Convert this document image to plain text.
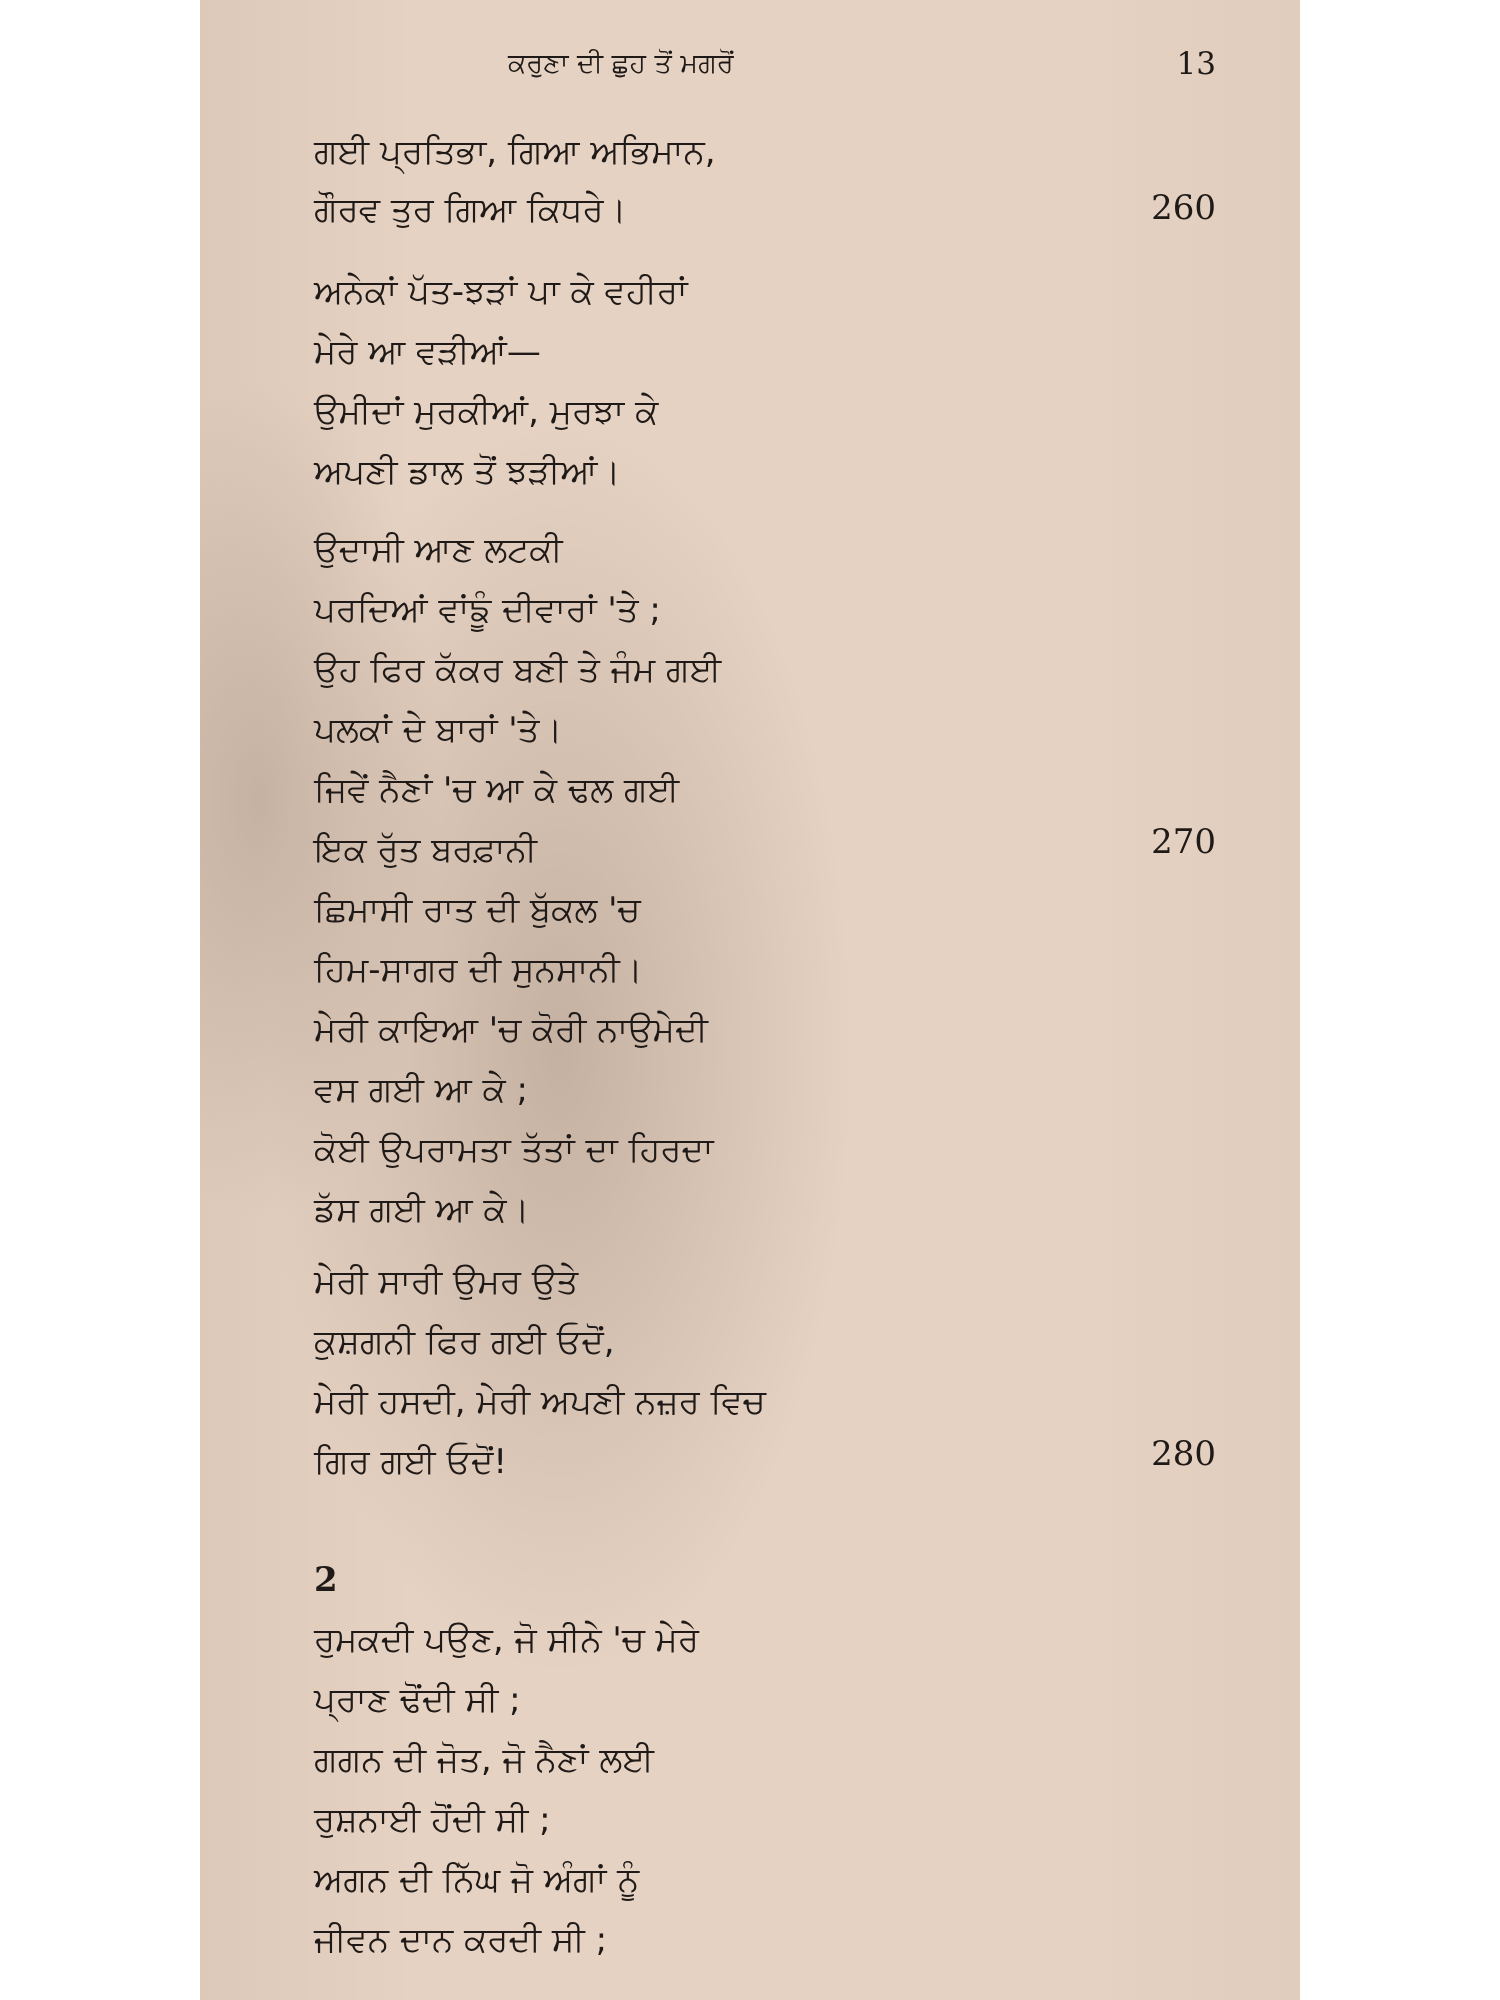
ਕਰੁਣਾ ਦੀ ਛੁਹ ਤੋਂ ਮਗਰੋਂ	13
ਗਈ ਪ੍ਰਤਿਭਾ, ਗਿਆ ਅਭਿਮਾਨ,
ਗੌਰਵ ਤੁਰ ਗਿਆ ਕਿਧਰੇ।	260
ਅਨੇਕਾਂ ਪੱਤ-ਝੜਾਂ ਪਾ ਕੇ ਵਹੀਰਾਂ
ਮੇਰੇ ਆ ਵੜੀਆਂ—
ਉਮੀਦਾਂ ਮੁਰਕੀਆਂ, ਮੁਰਝਾ ਕੇ
ਅਪਣੀ ਡਾਲ ਤੋਂ ਝੜੀਆਂ।
ਉਦਾਸੀ ਆਣ ਲਟਕੀ
ਪਰਦਿਆਂ ਵਾਂਙੂੰ ਦੀਵਾਰਾਂ 'ਤੇ ;
ਉਹ ਫਿਰ ਕੱਕਰ ਬਣੀ ਤੇ ਜੰਮ ਗਈ
ਪਲਕਾਂ ਦੇ ਬਾਰਾਂ 'ਤੇ।
ਜਿਵੇਂ ਨੈਣਾਂ 'ਚ ਆ ਕੇ ਢਲ ਗਈ
ਇਕ ਰੁੱਤ ਬਰਫ਼ਾਨੀ	270
ਛਿਮਾਸੀ ਰਾਤ ਦੀ ਬੁੱਕਲ 'ਚ
ਹਿਮ-ਸਾਗਰ ਦੀ ਸੁਨਸਾਨੀ।
ਮੇਰੀ ਕਾਇਆ 'ਚ ਕੋਰੀ ਨਾਉਮੇਦੀ
ਵਸ ਗਈ ਆ ਕੇ ;
ਕੋਈ ਉਪਰਾਮਤਾ ਤੱਤਾਂ ਦਾ ਹਿਰਦਾ
ਡੱਸ ਗਈ ਆ ਕੇ।
ਮੇਰੀ ਸਾਰੀ ਉਮਰ ਉਤੇ
ਕੁਸ਼ਗਨੀ ਫਿਰ ਗਈ ਓਦੋਂ,
ਮੇਰੀ ਹਸਦੀ, ਮੇਰੀ ਅਪਣੀ ਨਜ਼ਰ ਵਿਚ
ਗਿਰ ਗਈ ਓਦੋਂ!	280
2
ਰੁਮਕਦੀ ਪਉਣ, ਜੋ ਸੀਨੇ 'ਚ ਮੇਰੇ
ਪ੍ਰਾਣ ਢੋਂਦੀ ਸੀ ;
ਗਗਨ ਦੀ ਜੋਤ, ਜੋ ਨੈਣਾਂ ਲਈ
ਰੁਸ਼ਨਾਈ ਹੋਂਦੀ ਸੀ ;
ਅਗਨ ਦੀ ਨਿੱਘ ਜੋ ਅੰਗਾਂ ਨੂੰ
ਜੀਵਨ ਦਾਨ ਕਰਦੀ ਸੀ ;
